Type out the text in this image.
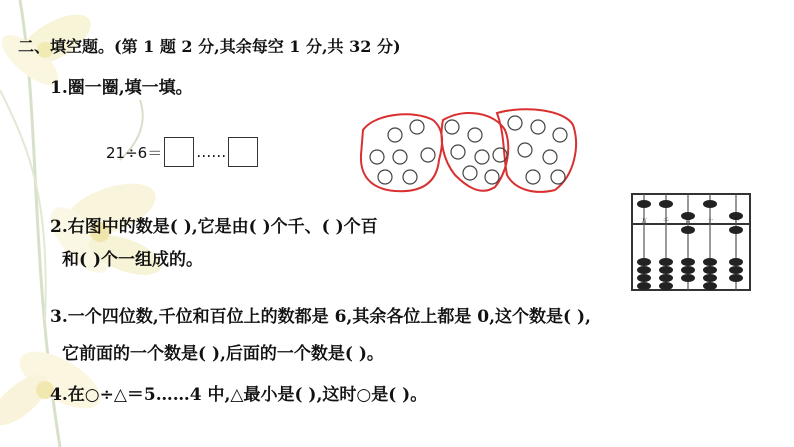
二、填空题。(第 1 题 2 分,其余每空 1 分,共 32 分)
1.圈一圈,填一填。
21÷6＝ ……
2.右图中的数是( ),它是由( )个千、( )个百
和( )个一组成的。
万	千	百	十	个
3.一个四位数,千位和百位上的数都是 6,其余各位上都是 0,这个数是( ),
它前面的一个数是( ),后面的一个数是( )。
4.在○÷△＝5……4 中,△最小是( ),这时○是( )。
